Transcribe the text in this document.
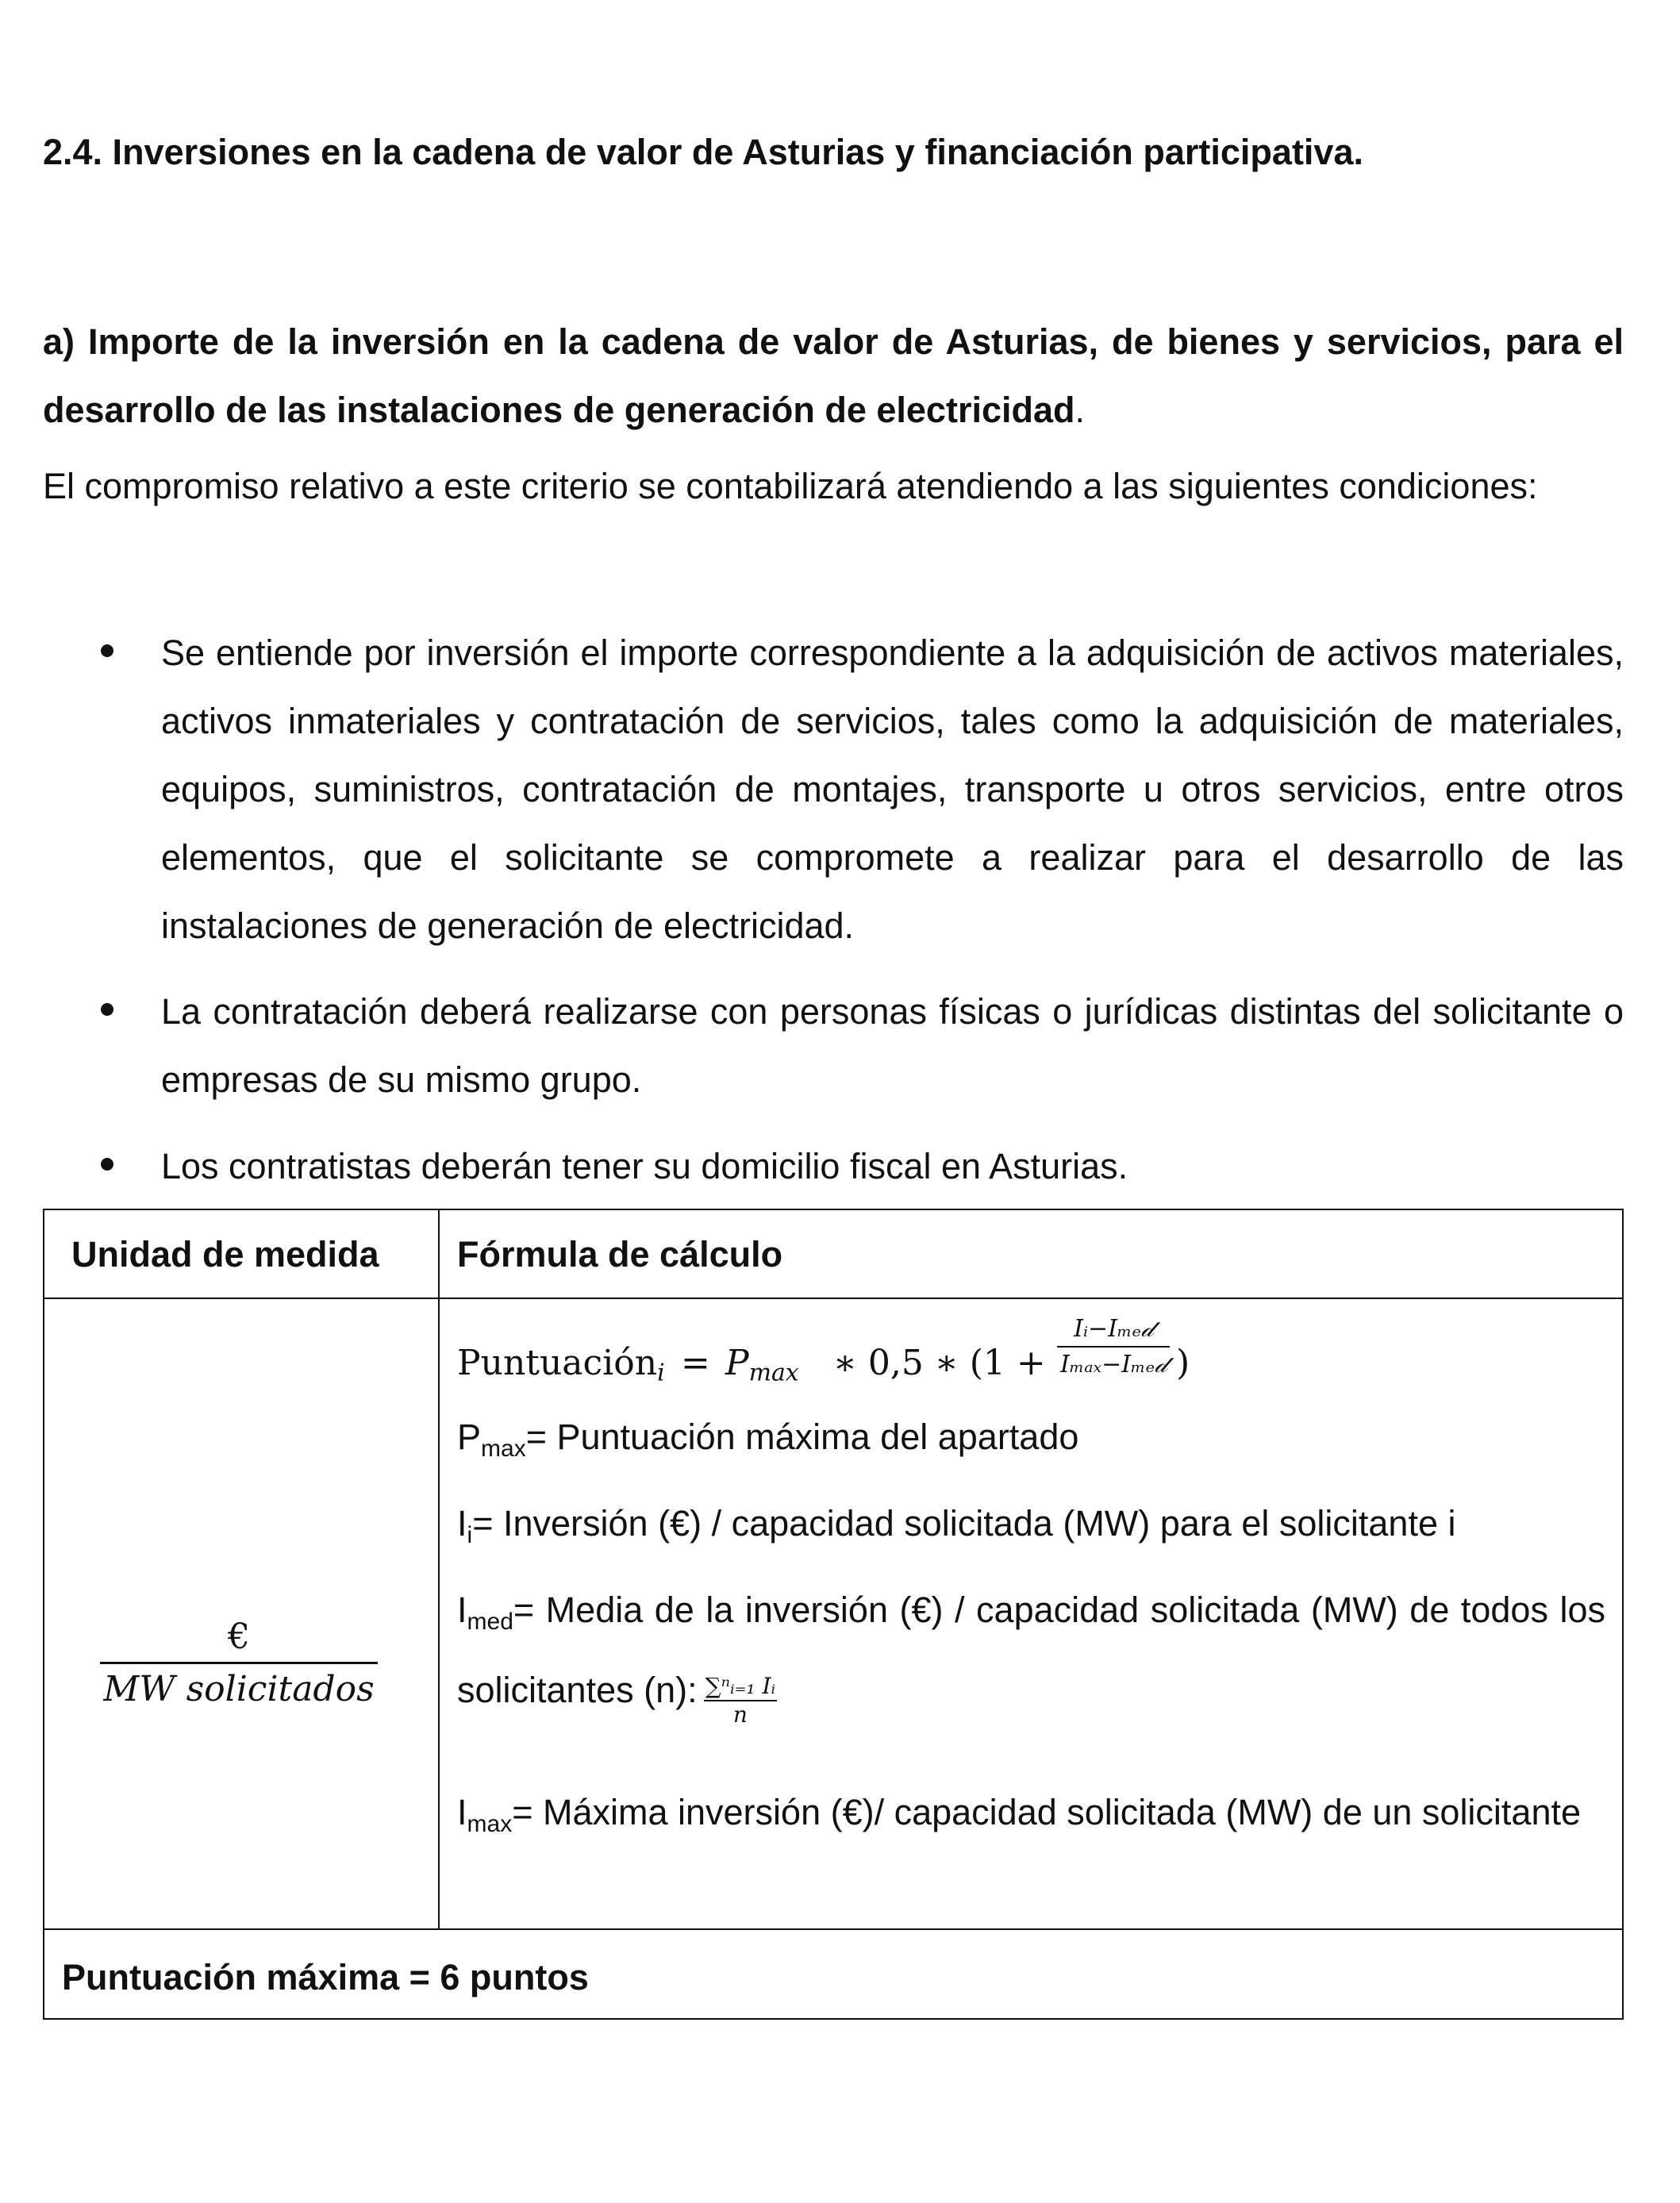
2.4. Inversiones en la cadena de valor de Asturias y financiación participativa.

a) Importe de la inversión en la cadena de valor de Asturias, de bienes y servicios, para el desarrollo de las instalaciones de generación de electricidad.

El compromiso relativo a este criterio se contabilizará atendiendo a las siguientes condiciones:

Se entiende por inversión el importe correspondiente a la adquisición de activos materiales, activos inmateriales y contratación de servicios, tales como la adquisición de materiales, equipos, suministros, contratación de montajes, transporte u otros servicios, entre otros elementos, que el solicitante se compromete a realizar para el desarrollo de las instalaciones de generación de electricidad.
La contratación deberá realizarse con personas físicas o jurídicas distintas del solicitante o empresas de su mismo grupo.
Los contratistas deberán tener su domicilio fiscal en Asturias.
Unidad de medida Fórmula de cálculo
€
MW solicitados
Puntuación$_i$ = $P_{max}$ ∗ 0,5 ∗ (1 +
Iᵢ−Iₘₑ𝒹
Iₘₐₓ−Iₘₑ𝒹 )
$P_{max}=$ Puntuación máxima del apartado
$I_i=$ Inversión (€) / capacidad solicitada (MW) para el solicitante i
$I_{med}=$ Media de la inversión (€) / capacidad solicitada (MW) de todos los solicitantes (n): $\frac{\text{∑ⁿᵢ₌₁ Iᵢ}}{n}$
$I_{max}=$ Máxima inversión (€)/ capacidad solicitada (MW) de un solicitante
Puntuación máxima = 6 puntos
